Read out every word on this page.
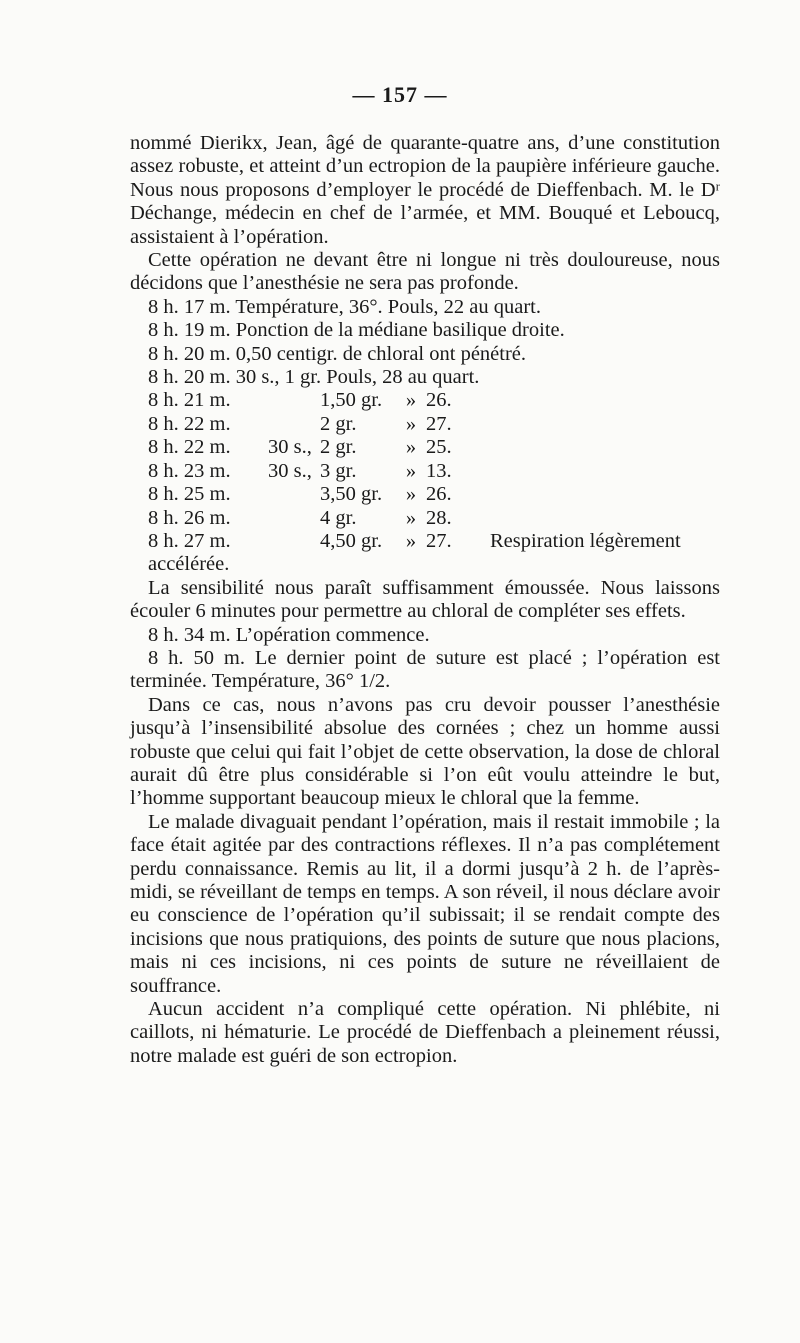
— 157 —

nommé Dierikx, Jean, âgé de quarante-quatre ans, d’une constitution assez robuste, et atteint d’un ectropion de la paupière inférieure gauche. Nous nous proposons d’employer le procédé de Dieffenbach. M. le Dʳ Déchange, médecin en chef de l’armée, et MM. Bouqué et Leboucq, assistaient à l’opération.

Cette opération ne devant être ni longue ni très douloureuse, nous décidons que l’anesthésie ne sera pas profonde.

8 h. 17 m. Température, 36°. Pouls, 22 au quart.
8 h. 19 m. Ponction de la médiane basilique droite.
8 h. 20 m. 0,50 centigr. de chloral ont pénétré.
8 h. 20 m. 30 s., 1 gr. Pouls, 28 au quart.
8 h. 21 m.		1,50 gr.	»	26.	
8 h. 22 m.		2 gr.	»	27.	
8 h. 22 m.	30 s.,	2 gr.	»	25.	
8 h. 23 m.	30 s.,	3 gr.	»	13.	
8 h. 25 m.		3,50 gr.	»	26.	
8 h. 26 m.		4 gr.	»	28.	
8 h. 27 m.		4,50 gr.	»	27.	Respiration légèrement

accélérée.

La sensibilité nous paraît suffisamment émoussée. Nous laissons écouler 6 minutes pour permettre au chloral de compléter ses effets.

8 h. 34 m. L’opération commence.

8 h. 50 m. Le dernier point de suture est placé ; l’opération est terminée. Température, 36° 1/2.

Dans ce cas, nous n’avons pas cru devoir pousser l’anesthésie jusqu’à l’insensibilité absolue des cornées ; chez un homme aussi robuste que celui qui fait l’objet de cette observation, la dose de chloral aurait dû être plus considérable si l’on eût voulu atteindre le but, l’homme supportant beaucoup mieux le chloral que la femme.

Le malade divaguait pendant l’opération, mais il restait immobile ; la face était agitée par des contractions réflexes. Il n’a pas complétement perdu connaissance. Remis au lit, il a dormi jusqu’à 2 h. de l’après-midi, se réveillant de temps en temps. A son réveil, il nous déclare avoir eu conscience de l’opération qu’il subissait; il se rendait compte des incisions que nous pratiquions, des points de suture que nous placions, mais ni ces incisions, ni ces points de suture ne réveillaient de souffrance.

Aucun accident n’a compliqué cette opération. Ni phlébite, ni caillots, ni hématurie. Le procédé de Dieffenbach a pleinement réussi, notre malade est guéri de son ectropion.
